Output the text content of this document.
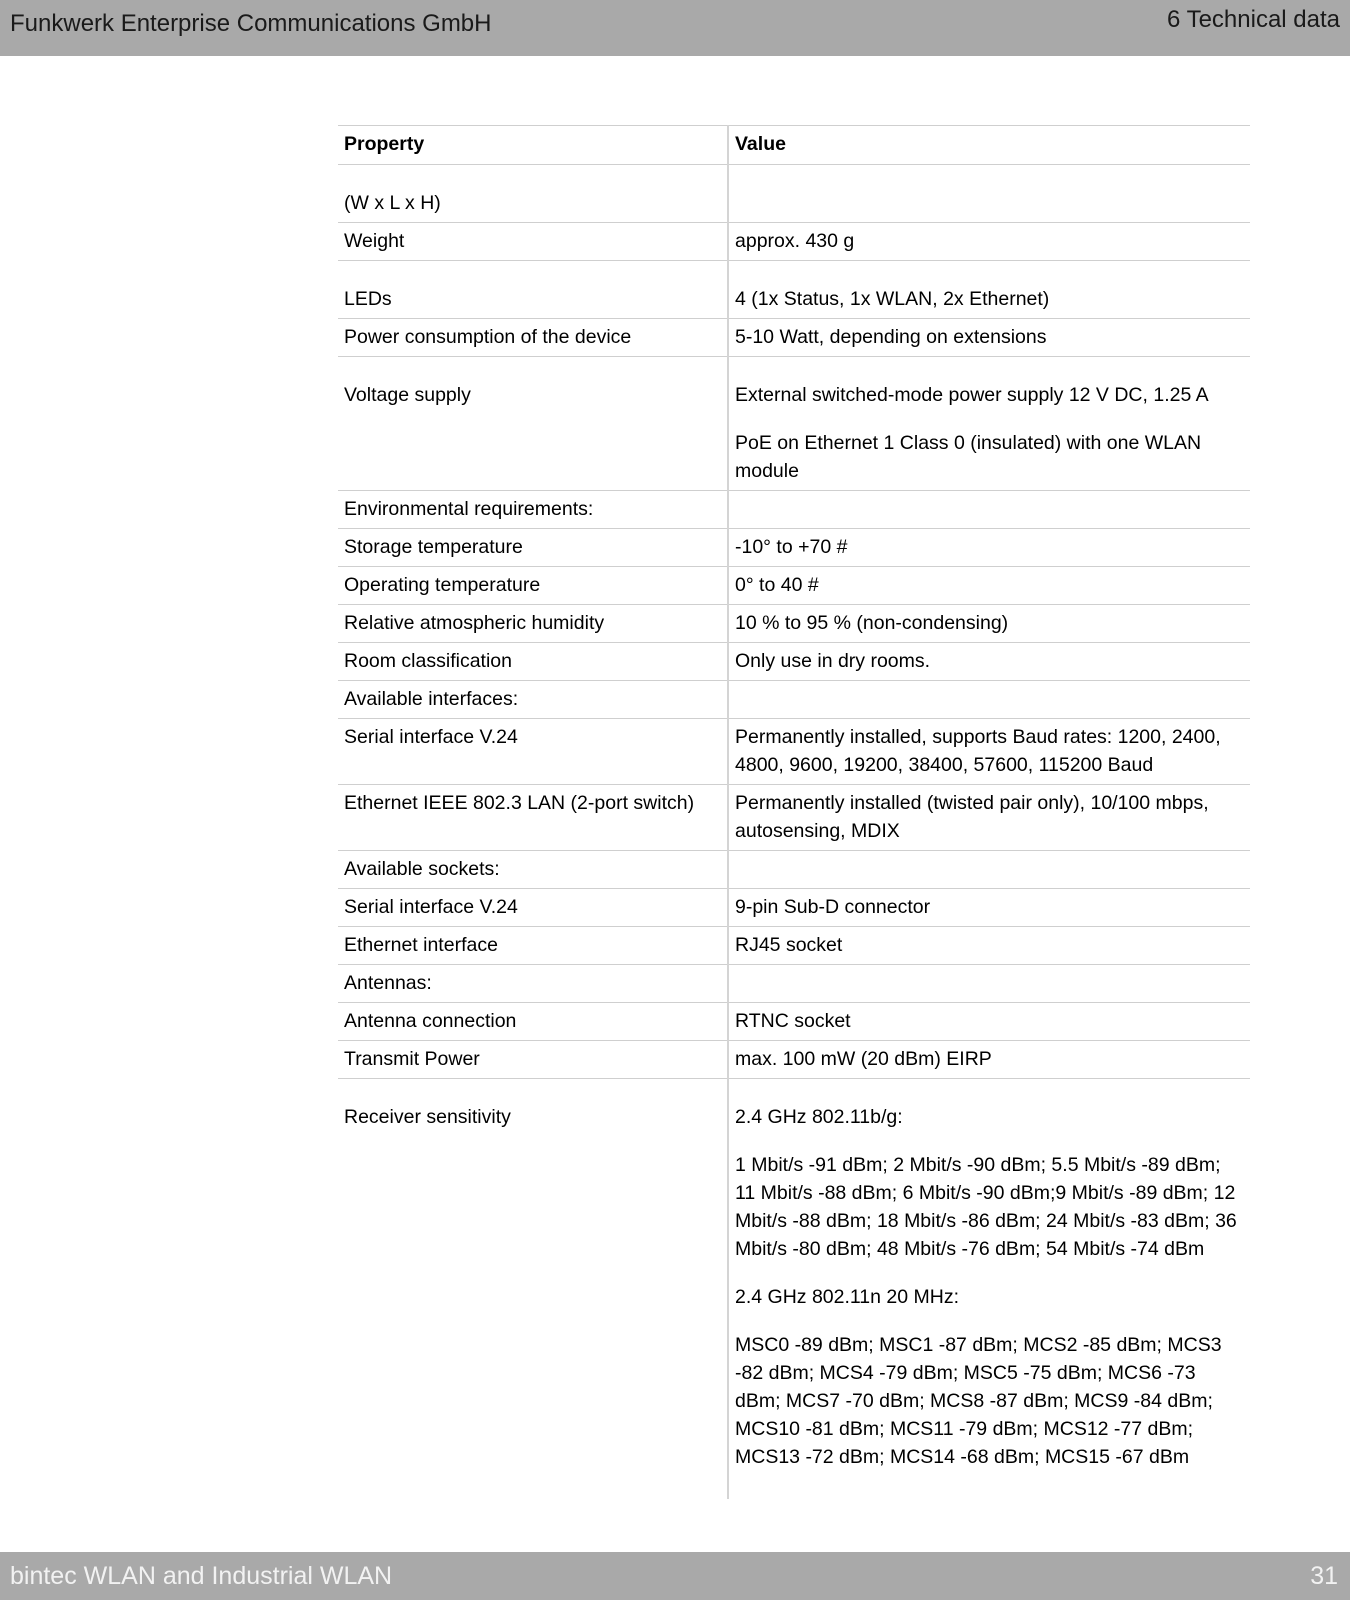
Funkwerk Enterprise Communications GmbH	6 Technical data
Property	Value
(W x L x H)	
Weight	approx. 430 g
LEDs	4 (1x Status, 1x WLAN, 2x Ethernet)
Power consumption of the device	5-10 Watt, depending on extensions
Voltage supply	External switched-mode power supply 12 V DC, 1.25 A

PoE on Ethernet 1 Class 0 (insulated) with one WLAN module

Environmental requirements:	
Storage temperature	-10° to +70 #
Operating temperature	0° to 40 #
Relative atmospheric humidity	10 % to 95 % (non-condensing)
Room classification	Only use in dry rooms.
Available interfaces:	
Serial interface V.24	Permanently installed, supports Baud rates: 1200, 2400, 4800, 9600, 19200, 38400, 57600, 115200 Baud
Ethernet IEEE 802.3 LAN (2-port switch)	Permanently installed (twisted pair only), 10/100 mbps, autosensing, MDIX
Available sockets:	
Serial interface V.24	9-pin Sub-D connector
Ethernet interface	RJ45 socket
Antennas:	
Antenna connection	RTNC socket
Transmit Power	max. 100 mW (20 dBm) EIRP
Receiver sensitivity	2.4 GHz 802.11b/g:

1 Mbit/s -91 dBm; 2 Mbit/s -90 dBm; 5.5 Mbit/s -89 dBm; 11 Mbit/s -88 dBm; 6 Mbit/s -90 dBm;9 Mbit/s -89 dBm; 12 Mbit/s -88 dBm; 18 Mbit/s -86 dBm; 24 Mbit/s -83 dBm; 36 Mbit/s -80 dBm; 48 Mbit/s -76 dBm; 54 Mbit/s -74 dBm

2.4 GHz 802.11n 20 MHz:

MSC0 -89 dBm; MSC1 -87 dBm; MCS2 -85 dBm; MCS3 -82 dBm; MCS4 -79 dBm; MSC5 -75 dBm; MCS6 -73 dBm; MCS7 -70 dBm; MCS8 -87 dBm; MCS9 -84 dBm; MCS10 -81 dBm; MCS11 -79 dBm; MCS12 -77 dBm; MCS13 -72 dBm; MCS14 -68 dBm; MCS15 -67 dBm

bintec WLAN and Industrial WLAN	31
